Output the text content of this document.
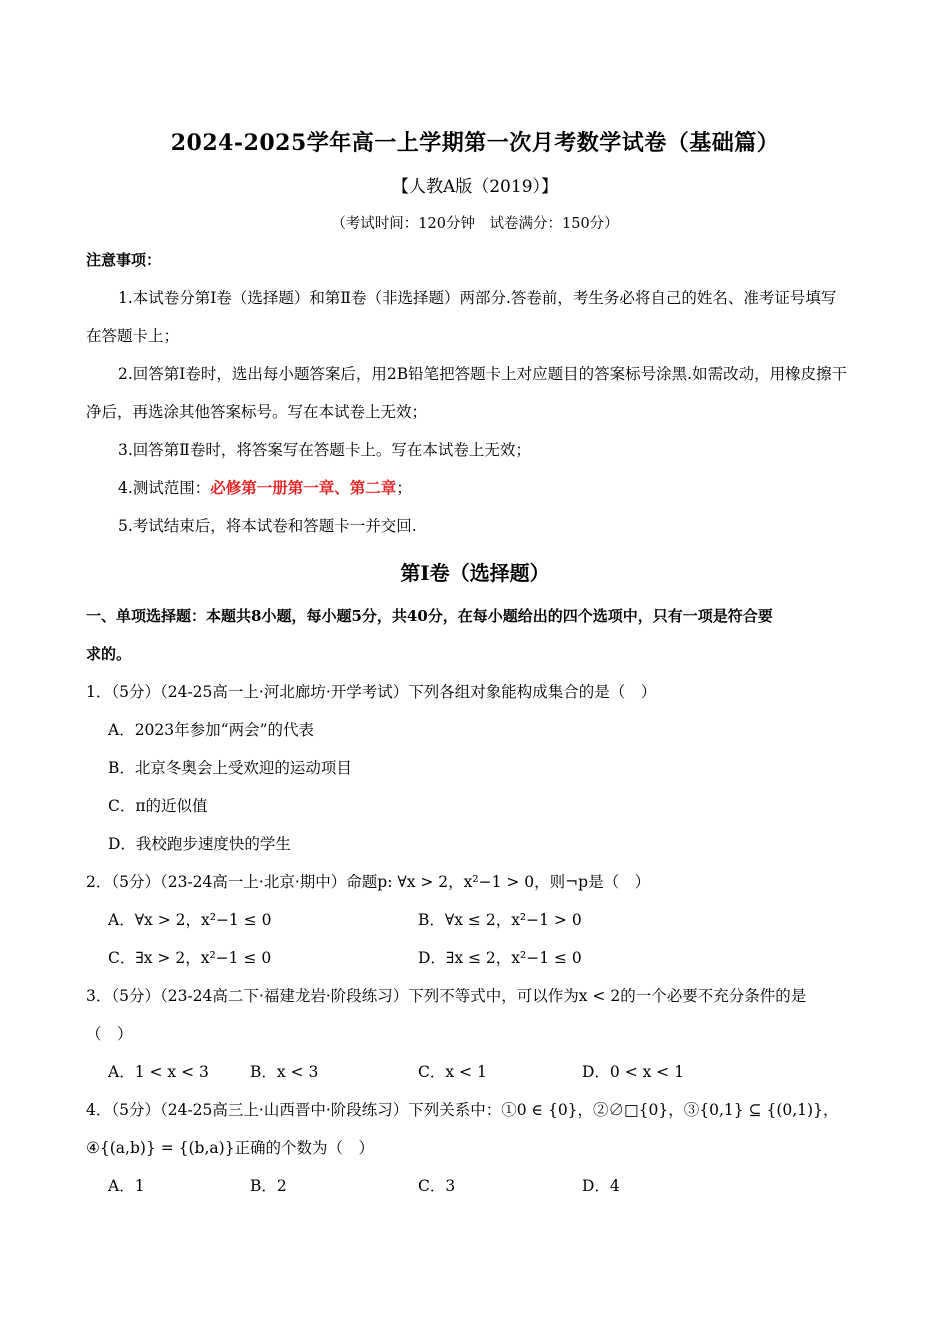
2024-2025学年高一上学期第一次月考数学试卷（基础篇）
【人教A版（2019）】
（考试时间：120分钟　试卷满分：150分）
注意事项：
1.本试卷分第Ⅰ卷（选择题）和第Ⅱ卷（非选择题）两部分.答卷前，考生务必将自己的姓名、准考证号填写
在答题卡上；
2.回答第Ⅰ卷时，选出每小题答案后，用2B铅笔把答题卡上对应题目的答案标号涂黑.如需改动，用橡皮擦干
净后，再选涂其他答案标号。写在本试卷上无效；
3.回答第Ⅱ卷时，将答案写在答题卡上。写在本试卷上无效；
4.测试范围：必修第一册第一章、第二章；
5.考试结束后，将本试卷和答题卡一并交回.
第Ⅰ卷（选择题）
一、单项选择题：本题共8小题，每小题5分，共40分，在每小题给出的四个选项中，只有一项是符合要
求的。
1．（5分）（24-25高一上·河北廊坊·开学考试）下列各组对象能构成集合的是（　）
A．2023年参加“两会”的代表
B．北京冬奥会上受欢迎的运动项目
C．π的近似值
D．我校跑步速度快的学生
2．（5分）（23-24高一上·北京·期中）命题p: ∀x > 2，x²−1 > 0，则¬p是（　）
A．∀x > 2，x²−1 ≤ 0	B．∀x ≤ 2，x²−1 > 0
C．∃x > 2，x²−1 ≤ 0	D．∃x ≤ 2，x²−1 ≤ 0
3．（5分）（23-24高二下·福建龙岩·阶段练习）下列不等式中，可以作为x < 2的一个必要不充分条件的是
（　）
A．1 < x < 3	B．x < 3	C．x < 1	D．0 < x < 1
4．（5分）（24-25高三上·山西晋中·阶段练习）下列关系中：①0 ∈ {0}，②∅□{0}，③{0,1} ⊆ {(0,1)}，
④{(a,b)} = {(b,a)}正确的个数为（　）
A．1	B．2	C．3	D．4
